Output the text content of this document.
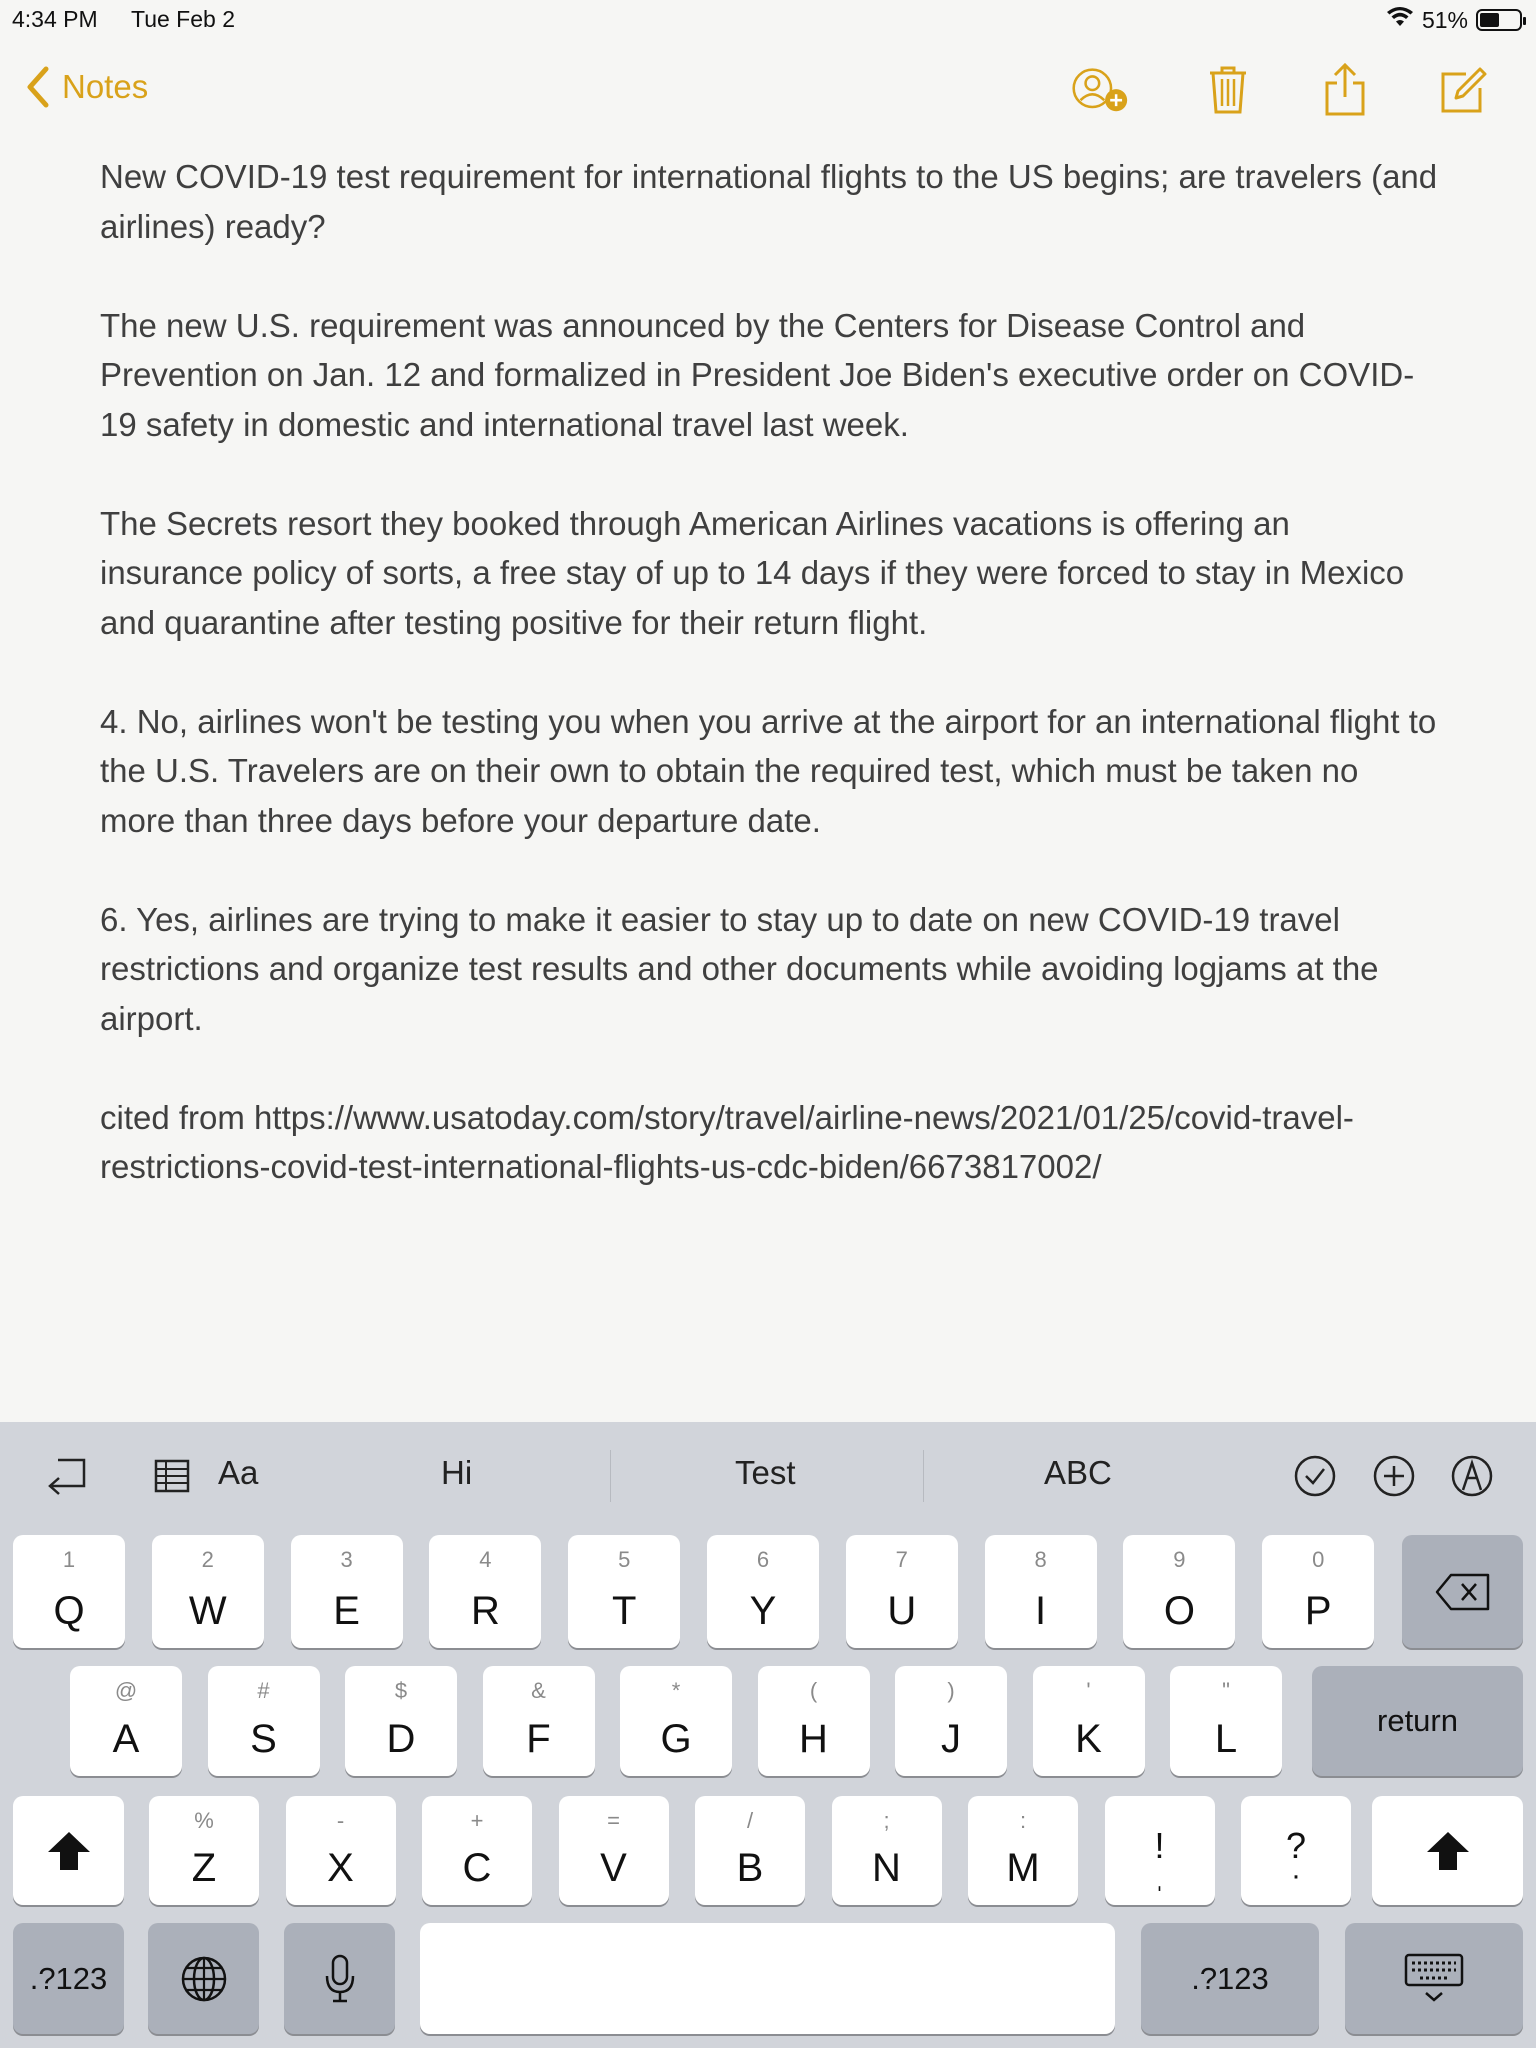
4:34 PM Tue Feb 2	51%
Notes

New COVID-19 test requirement for international flights to the US begins; are travelers (and airlines) ready?

The new U.S. requirement was announced by the Centers for Disease Control and Prevention on Jan. 12 and formalized in President Joe Biden's executive order on COVID-19 safety in domestic and international travel last week.

The Secrets resort they booked through American Airlines vacations is offering an insurance policy of sorts, a free stay of up to 14 days if they were forced to stay in Mexico and quarantine after testing positive for their return flight.

4. No, airlines won't be testing you when you arrive at the airport for an international flight to the U.S. Travelers are on their own to obtain the required test, which must be taken no more than three days before your departure date.

6. Yes, airlines are trying to make it easier to stay up to date on new COVID-19 travel restrictions and organize test results and other documents while avoiding logjams at the airport.

cited from https://www.usatoday.com/story/travel/airline-news/2021/01/25/covid-travel-restrictions-covid-test-international-flights-us-cdc-biden/6673817002/

Aa	Hi	Test	ABC
1
Q
2
W
3
E
4
R
5
T
6
Y
7
U
8
I
9
O
0
P
@
A
#
S
$
D
&
F
*
G
(
H
)
J
'
K
"
L	return
%
Z
-
X
+
C
=
V
/
B
;
N
:
M	ˌ
!
·
?
.?123	.?123
